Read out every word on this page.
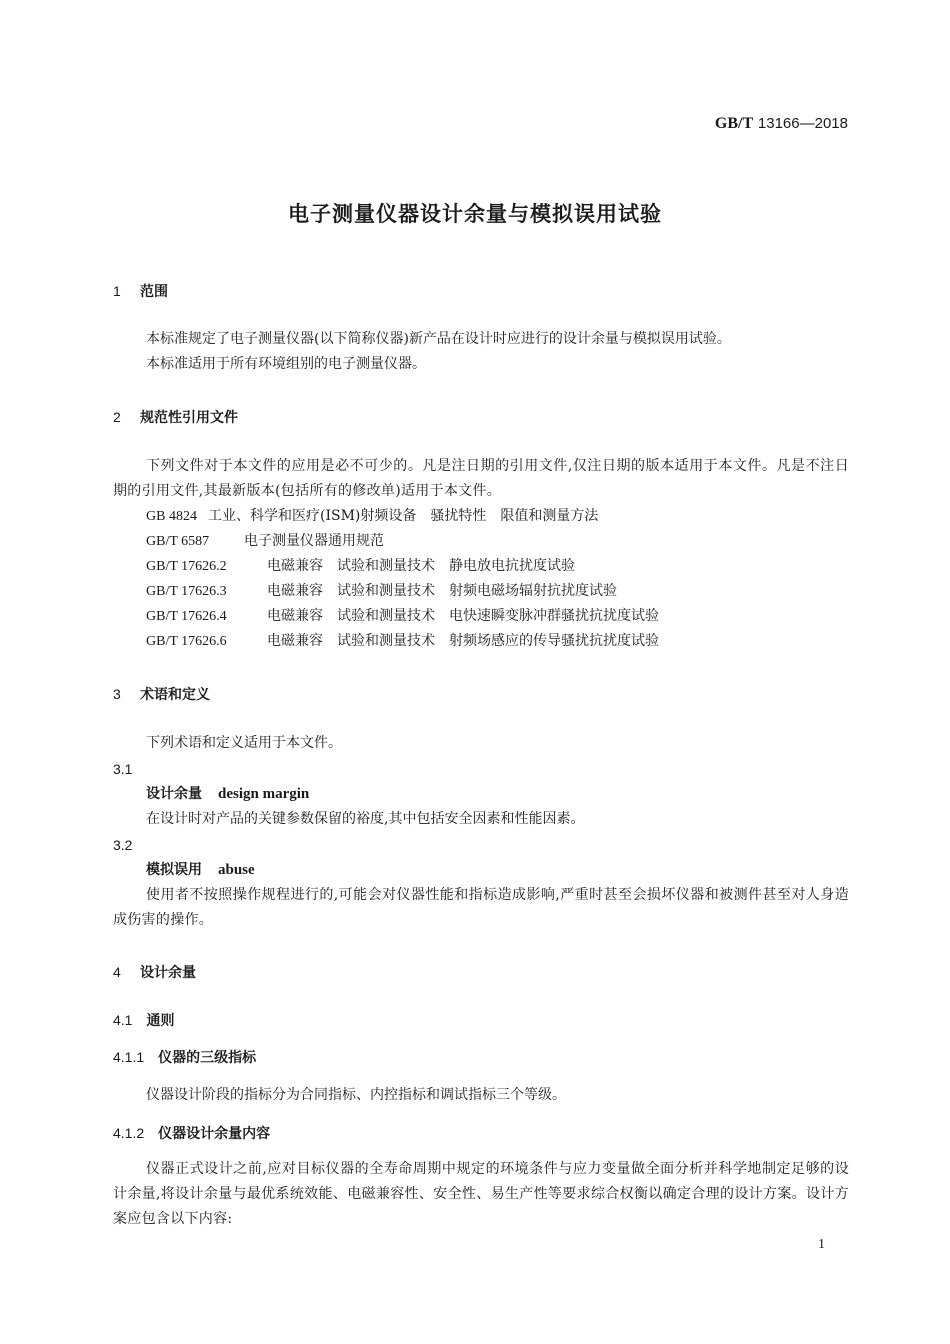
GB/T 13166—2018
电子测量仪器设计余量与模拟误用试验
1 范围
本标准规定了电子测量仪器(以下简称仪器)新产品在设计时应进行的设计余量与模拟误用试验。
本标准适用于所有环境组别的电子测量仪器。
2 规范性引用文件
下列文件对于本文件的应用是必不可少的。凡是注日期的引用文件,仅注日期的版本适用于本文件。凡是不注日期的引用文件,其最新版本(包括所有的修改单)适用于本文件。
GB 4824 工业、科学和医疗(ISM)射频设备　骚扰特性　限值和测量方法
GB/T 6587 电子测量仪器通用规范
GB/T 17626.2	电磁兼容　试验和测量技术　静电放电抗扰度试验
GB/T 17626.3	电磁兼容　试验和测量技术　射频电磁场辐射抗扰度试验
GB/T 17626.4	电磁兼容　试验和测量技术　电快速瞬变脉冲群骚扰抗扰度试验
GB/T 17626.6	电磁兼容　试验和测量技术　射频场感应的传导骚扰抗扰度试验
3 术语和定义
下列术语和定义适用于本文件。
3.1
设计余量 design margin
在设计时对产品的关键参数保留的裕度,其中包括安全因素和性能因素。
3.2
模拟误用 abuse
使用者不按照操作规程进行的,可能会对仪器性能和指标造成影响,严重时甚至会损坏仪器和被测件甚至对人身造成伤害的操作。
4 设计余量
4.1 通则
4.1.1 仪器的三级指标
仪器设计阶段的指标分为合同指标、内控指标和调试指标三个等级。
4.1.2 仪器设计余量内容
仪器正式设计之前,应对目标仪器的全寿命周期中规定的环境条件与应力变量做全面分析并科学地制定足够的设计余量,将设计余量与最优系统效能、电磁兼容性、安全性、易生产性等要求综合权衡以确定合理的设计方案。设计方案应包含以下内容:
1
